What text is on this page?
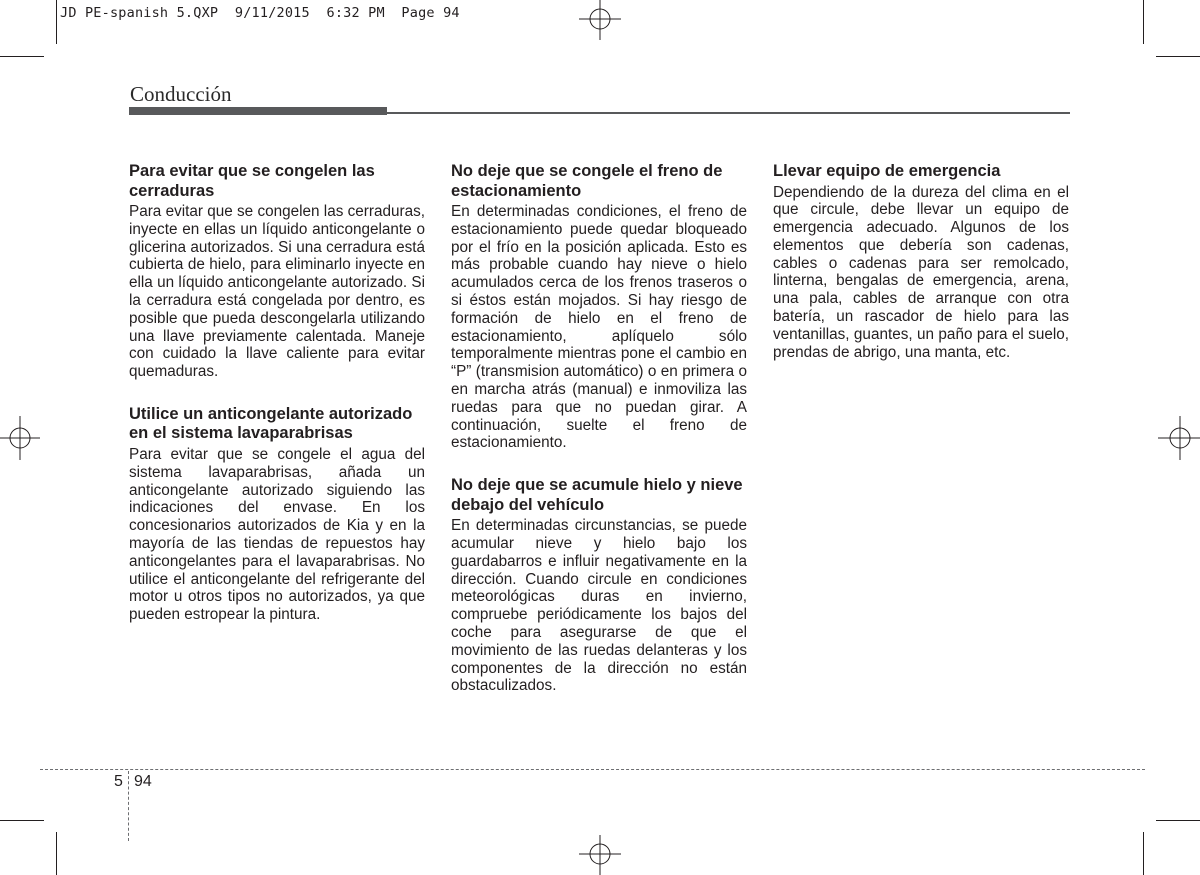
JD PE-spanish 5.QXP  9/11/2015  6:32 PM  Page 94
Conducción
Para evitar que se congelen las cerraduras

Para evitar que se congelen las cerraduras, inyecte en ellas un líquido anticongelante o glicerina autorizados. Si una cerradura está cubierta de hielo, para eliminarlo inyecte en ella un líquido anticongelante autorizado. Si la cerradura está congelada por dentro, es posible que pueda descongelarla utilizando una llave previamente calentada. Maneje con cuidado la llave caliente para evitar quemaduras.

Utilice un anticongelante autorizado en el sistema lavaparabrisas

Para evitar que se congele el agua del sistema lavaparabrisas, añada un anticongelante autorizado siguiendo las indicaciones del envase. En los concesionarios autorizados de Kia y en la mayoría de las tiendas de repuestos hay anticongelantes para el lavaparabrisas. No utilice el anticongelante del refrigerante del motor u otros tipos no autorizados, ya que pueden estropear la pintura.

No deje que se congele el freno de estacionamiento

En determinadas condiciones, el freno de estacionamiento puede quedar bloqueado por el frío en la posición aplicada. Esto es más probable cuando hay nieve o hielo acumulados cerca de los frenos traseros o si éstos están mojados. Si hay riesgo de formación de hielo en el freno de estacionamiento, aplíquelo sólo temporalmente mientras pone el cambio en “P” (transmision automático) o en primera o en marcha atrás (manual) e inmoviliza las ruedas para que no puedan girar. A continuación, suelte el freno de estacionamiento.

No deje que se acumule hielo y nieve debajo del vehículo

En determinadas circunstancias, se puede acumular nieve y hielo bajo los guardabarros e influir negativamente en la dirección. Cuando circule en condiciones meteorológicas duras en invierno, compruebe periódicamente los bajos del coche para asegurarse de que el movimiento de las ruedas delanteras y los componentes de la dirección no están obstaculizados.

Llevar equipo de emergencia

Dependiendo de la dureza del clima en el que circule, debe llevar un equipo de emergencia adecuado. Algunos de los elementos que debería son cadenas, cables o cadenas para ser remolcado, linterna, bengalas de emergencia, arena, una pala, cables de arranque con otra batería, un rascador de hielo para las ventanillas, guantes, un paño para el suelo, prendas de abrigo, una manta, etc.

5 94
